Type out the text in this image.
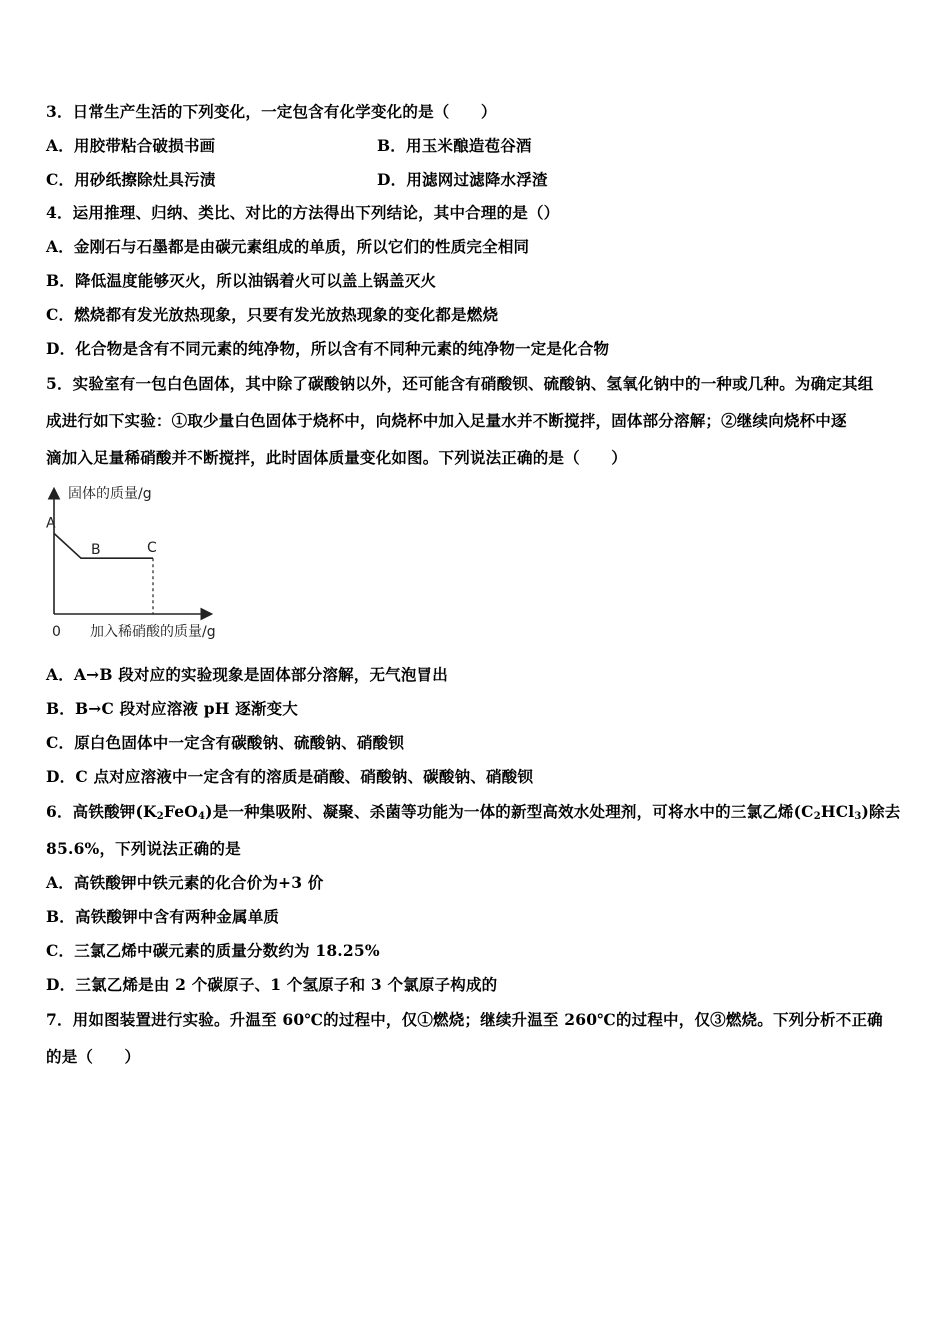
3．日常生产生活的下列变化，一定包含有化学变化的是（　　）
A．用胶带粘合破损书画	B．用玉米酿造苞谷酒
C．用砂纸擦除灶具污渍	D．用滤网过滤降水浮渣
4．运用推理、归纳、类比、对比的方法得出下列结论，其中合理的是（）
A．金刚石与石墨都是由碳元素组成的单质，所以它们的性质完全相同
B．降低温度能够灭火，所以油锅着火可以盖上锅盖灭火
C．燃烧都有发光放热现象，只要有发光放热现象的变化都是燃烧
D．化合物是含有不同元素的纯净物，所以含有不同种元素的纯净物一定是化合物
5．实验室有一包白色固体，其中除了碳酸钠以外，还可能含有硝酸钡、硫酸钠、氢氧化钠中的一种或几种。为确定其组
成进行如下实验：①取少量白色固体于烧杯中，向烧杯中加入足量水并不断搅拌，固体部分溶解；②继续向烧杯中逐
滴加入足量稀硝酸并不断搅拌，此时固体质量变化如图。下列说法正确的是（　　）
固体的质量/g
加入稀硝酸的质量/g
0
A
B	C
A．A→B 段对应的实验现象是固体部分溶解，无气泡冒出
B．B→C 段对应溶液 pH 逐渐变大
C．原白色固体中一定含有碳酸钠、硫酸钠、硝酸钡
D．C 点对应溶液中一定含有的溶质是硝酸、硝酸钠、碳酸钠、硝酸钡
6．高铁酸钾$(K_2FeO_4)$是一种集吸附、凝聚、杀菌等功能为一体的新型高效水处理剂，可将水中的三氯乙烯$(C_2HCl_3)$除去
85.6%，下列说法正确的是
A．高铁酸钾中铁元素的化合价为+3 价
B．高铁酸钾中含有两种金属单质
C．三氯乙烯中碳元素的质量分数约为 18.25%
D．三氯乙烯是由 2 个碳原子、1 个氢原子和 3 个氯原子构成的
7．用如图装置进行实验。升温至 60℃的过程中，仅①燃烧；继续升温至 260℃的过程中，仅③燃烧。下列分析不正确
的是（　　）
